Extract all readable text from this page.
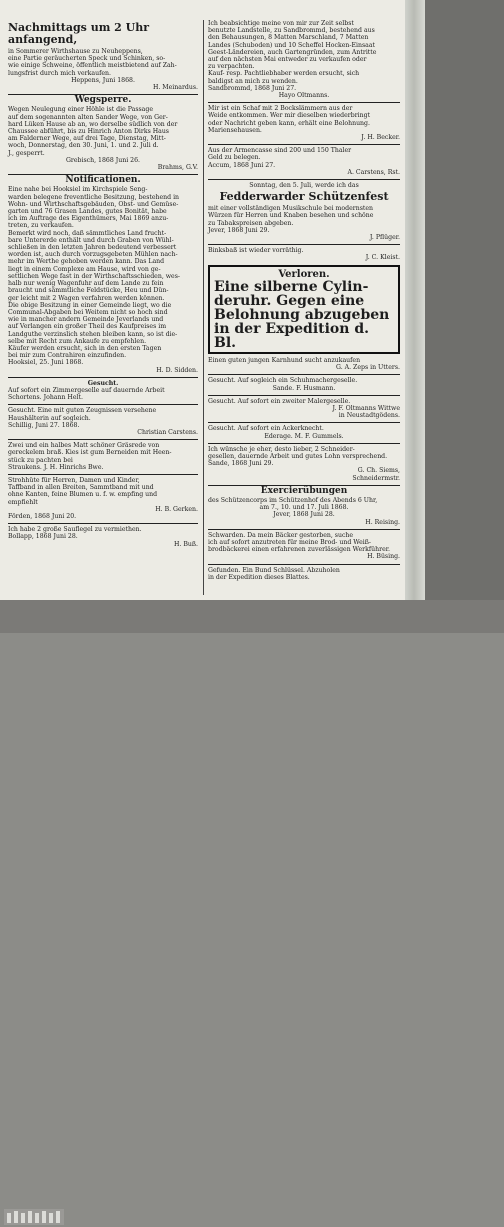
Nachmittags um 2 Uhr anfangend,
in Sommerer Wirthshause zu Neuheppens,
eine Partie geräucherten Speck und Schinken, so-
wie einige Schweine, öffentlich meistbietend auf Zah-
lungsfrist durch mich verkaufen.
Heppens, Juni 1868.
H. Meinardus.
Wegsperre.
Wegen Neulegung einer Höhle ist die Passage
auf dem sogenannten alten Sander Wege, von Ger-
hard Lüken Hause ab an, wo derselbe südlich von der
Chaussee abführt, bis zu Hinrich Anton Dirks Haus
am Falderner Wege, auf drei Tage, Dienstag, Mitt-
woch, Donnerstag, den 30. Juni, 1. und 2. Juli d.
J., gesperrt.
Grebisch, 1868 Juni 26.
Brahms, G.V.
Notificationen.
Eine nahe bei Hooksiel im Kirchspiele Seng-
warden belegene freventliche Besitzung, bestehend in
Wohn- und Wirthschaftsgebäuden, Obst- und Gemüse-
garten und 76 Grasen Landes, gutes Bonität, habe
ich im Auftrage des Eigenthümers, Mai 1869 anzu-
treten, zu verkaufen.
Bemerkt wird noch, daß sämmtliches Land frucht-
bare Untererde enthält und durch Graben von Wühl-
schließen in den letzten Jahren bedeutend verbessert
worden ist, auch durch vorzugsgebeten Mühlen nach-
mehr im Werthe gehoben werden kann. Das Land
liegt in einem Complexe am Hause, wird von ge-
settlichen Wege fast in der Wirthschaftsschieden, wes-
halb nur wenig Wagenfuhr auf dem Lande zu fein
braucht und sämmtliche Feldstücke, Heu und Dün-
ger leicht mit 2 Wagen verfahren werden können.
Die obige Besitzung in einer Gemeinde liegt, wo die
Communal-Abgaben bei Weitem nicht so hoch sind
wie in mancher andern Gemeinde Jeverlands und
auf Verlangen ein großer Theil des Kaufpreises im
Landguthe verzinslich stehen bleiben kann, so ist die-
selbe mit Recht zum Ankaufe zu empfehlen.
Käufer werden ersucht, sich in den ersten Tagen
bei mir zum Contrahiren einzufinden.
Hooksiel, 25. Juni 1868.
H. D. Sidden.
Gesucht.
Auf sofort ein Zimmergeselle auf dauernde Arbeit
Schortens. Johann Helt.
Gesucht. Eine mit guten Zeugnissen versehene
Haushälterin auf sogleich.
Schillig, Juni 27. 1868.
Christian Carstens.
Zwei und ein halbes Matt schöner Gräsrede von
gereckelem braß. Kies ist gum Berneiden mit Heen-
stück zu pachten bei
Straukens. J. H. Hinrichs Bwe.
Strohhüte für Herren, Damen und Kinder,
Taffband in allen Breiten, Sammtband mit und
ohne Kanten, feine Blumen u. f. w. empfing und
empfiehlt
H. B. Gerken.
Förden, 1868 Juni 20.
Ich habe 2 große Sauflegel zu vermiethen.
Bollapp, 1868 Juni 28.
H. Buß.
Ich beabsichtige meine von mir zur Zeit selbst
benutzte Landstelle, zu Sandbrommd, bestehend aus
den Behausungen, 8 Matten Marschland, 7 Matten
Landes (Schuboden) und 10 Scheffel Hocken-Einsaat
Geest-Ländereien, auch Gartengründen, zum Antritte
auf den nächsten Mai entweder zu verkaufen oder
zu verpachten.
Kauf- resp. Pachtliebhaber werden ersucht, sich
baldigst an mich zu wenden.
Sandbrommd, 1868 Juni 27.
Hayo Oltmanns.
Mir ist ein Schaf mit 2 Bockslämmern aus der
Weide entkommen. Wer mir dieselben wiederbringt
oder Nachricht geben kann, erhält eine Belohnung.
Mariensehausen.
J. H. Becker.
Aus der Armencasse sind 200 und 150 Thaler
Geld zu belegen.
Accum, 1868 Juni 27.
A. Carstens, Rst.
Sonntag, den 5. Juli, werde ich das
Fedderwarder Schützenfest
mit einer vollständigen Musikschule bei modernsten
Würzen für Herren und Knaben besehen und schöne
zu Tabakspreisen abgeben.
Jever, 1868 Juni 29.
J. Pflüger.
Binksbaß ist wieder vorräthig.
J. C. Kleist.
Verloren.
Eine silberne Cylin-
deruhr. Gegen eine
Belohnung abzugeben
in der Expedition d. Bl.
Einen guten jungen Karnhund sucht anzukaufen
G. A. Zeps in Utters.
Gesucht. Auf sogleich ein Schuhmachergeselle.
Sande. F. Husmann.
Gesucht. Auf sofort ein zweiter Malergeselle.
J. F. Oltmanns Wittwe
in Neustadtgödens.
Gesucht. Auf sofort ein Ackerknecht.
Ederage. M. F. Gummels.
Ich wünsche je eher, desto lieber, 2 Schneider-
gesellen, dauernde Arbeit und gutes Lohn versprechend.
Sande, 1868 Juni 29.
G. Ch. Siems,
Schneidermstr.
Exercierübungen
des Schützencorps im Schützenhof des Abends 6 Uhr,
am 7., 10. und 17. Juli 1868.
Jever, 1868 Juni 28.
H. Reising.
Schwarden. Da mein Bäcker gestorben, suche
ich auf sofort anzutreten für meine Brod- und Weiß-
brodbäckerei einen erfahrenen zuverlässigen Werkführer.
H. Büsing.
Gefunden. Ein Bund Schlüssel. Abzuholen
in der Expedition dieses Blattes.
